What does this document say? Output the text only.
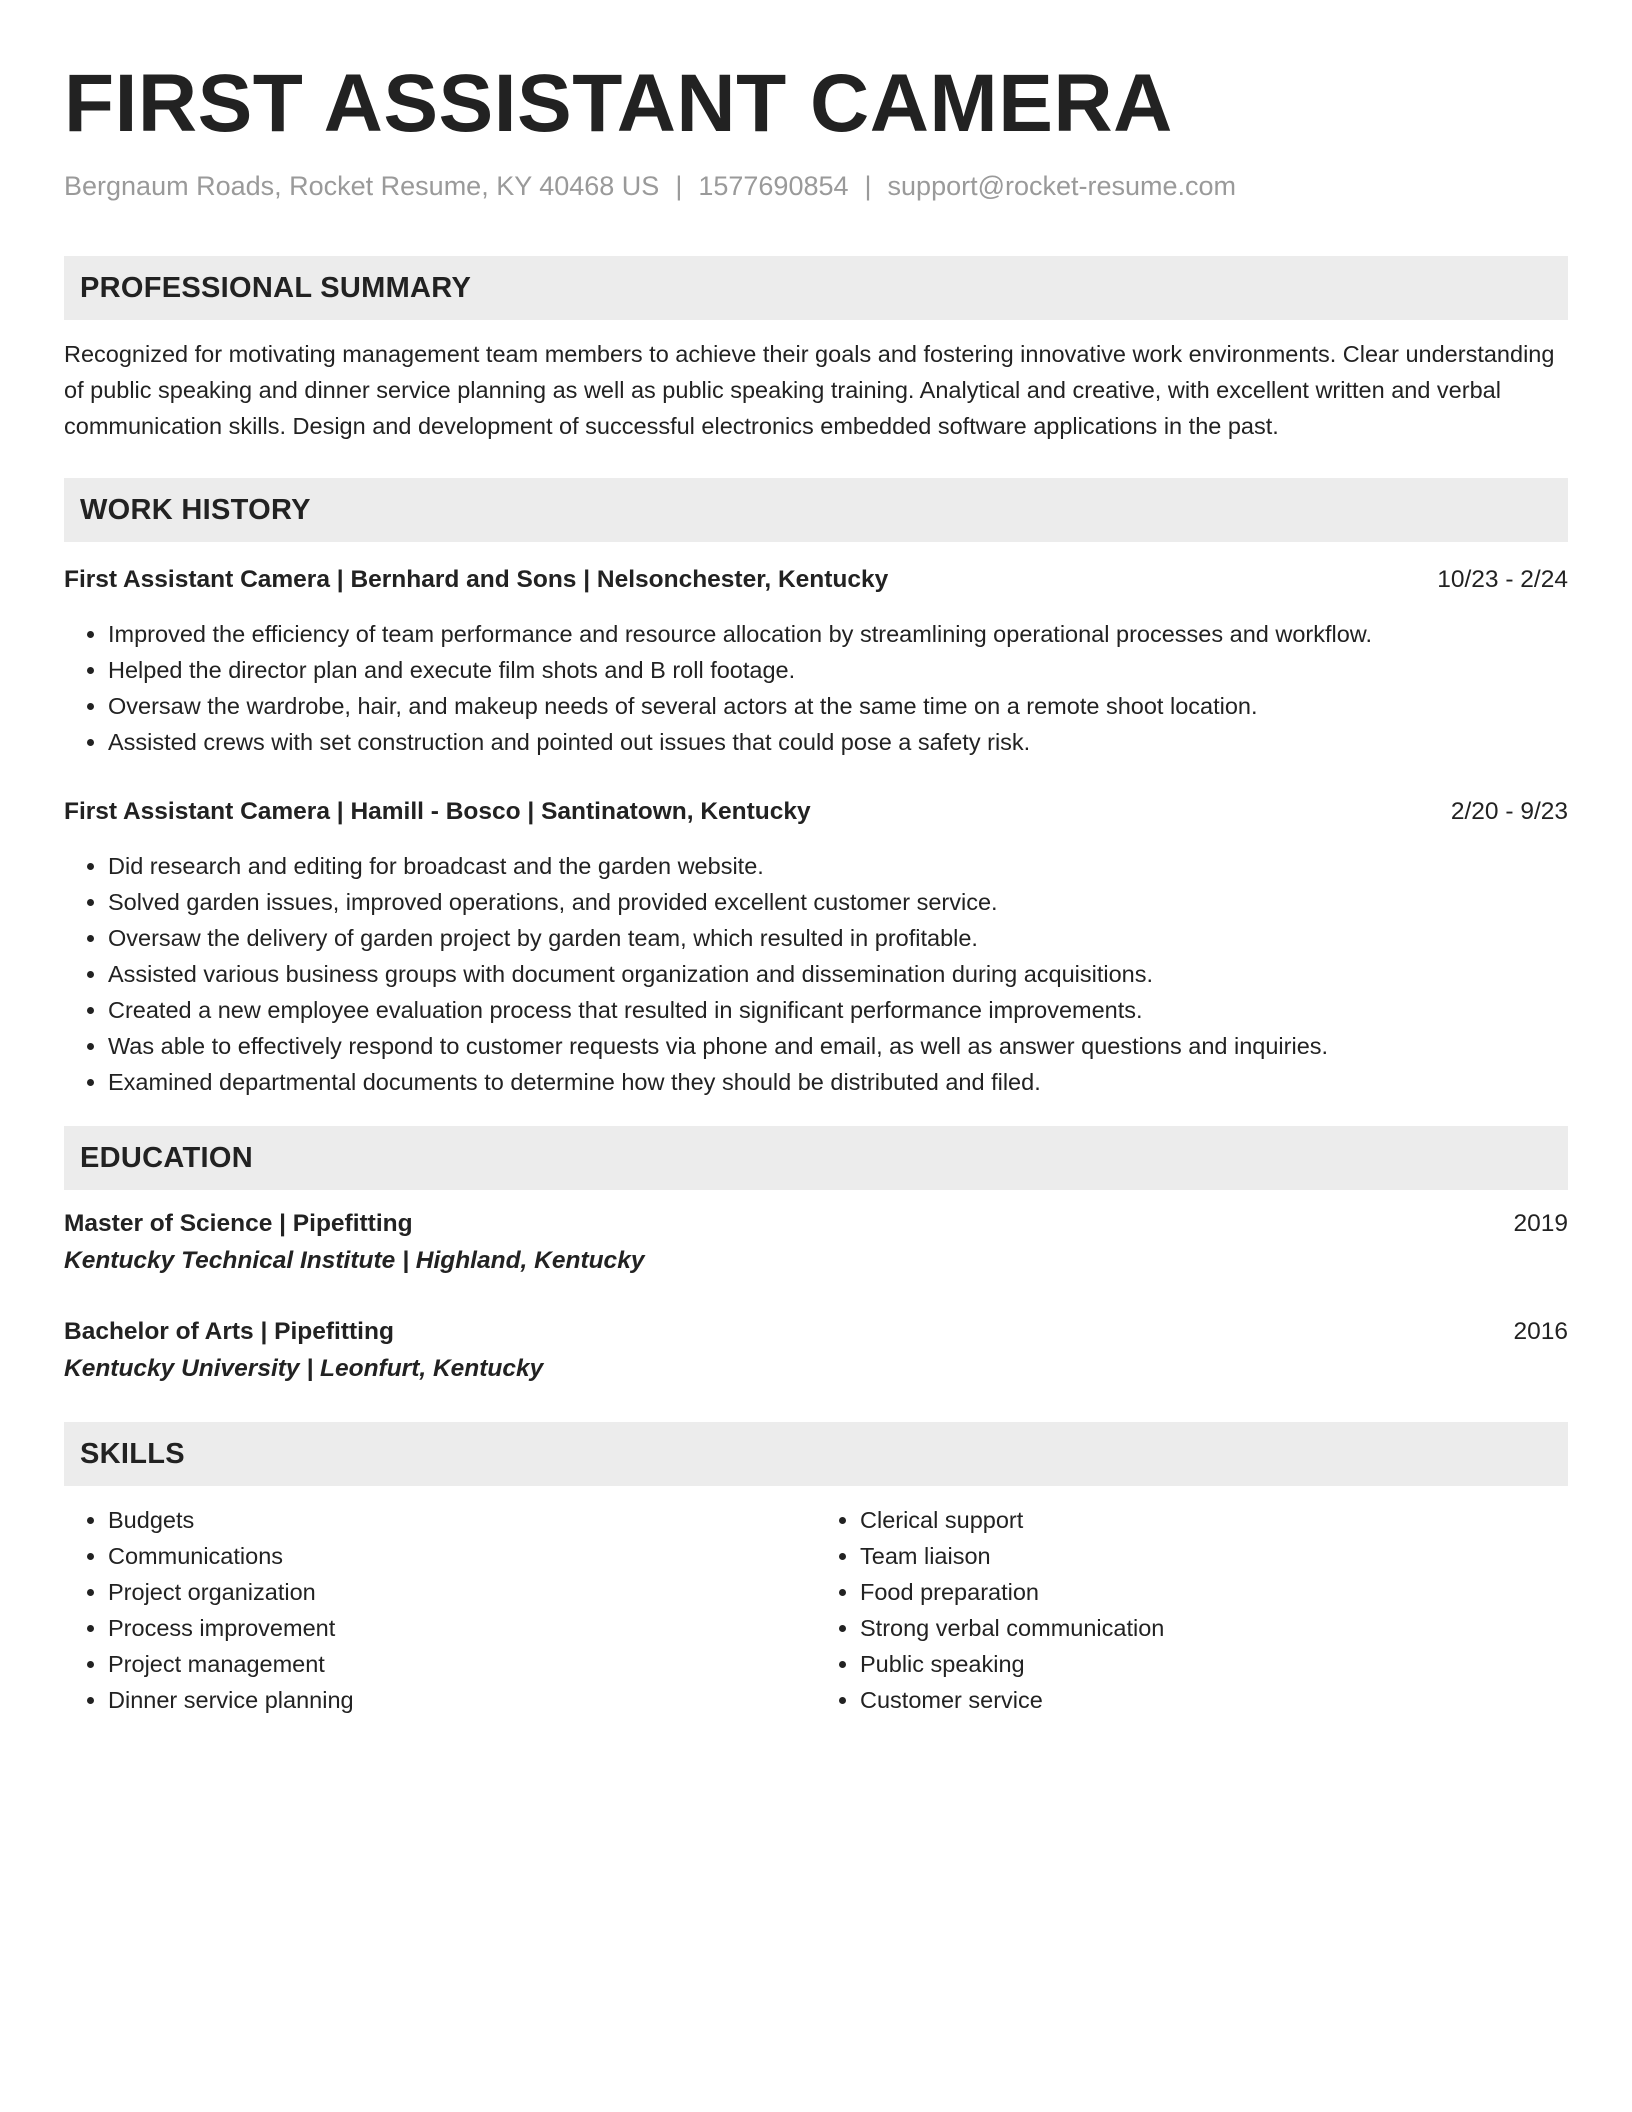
FIRST ASSISTANT CAMERA
Bergnaum Roads, Rocket Resume, KY 40468 US | 1577690854 | support@rocket-resume.com
PROFESSIONAL SUMMARY
Recognized for motivating management team members to achieve their goals and fostering innovative work environments. Clear understanding of public speaking and dinner service planning as well as public speaking training. Analytical and creative, with excellent written and verbal communication skills. Design and development of successful electronics embedded software applications in the past.
WORK HISTORY
First Assistant Camera | Bernhard and Sons | Nelsonchester, Kentucky	10/23 - 2/24
• Improved the efficiency of team performance and resource allocation by streamlining operational processes and workflow.
• Helped the director plan and execute film shots and B roll footage.
• Oversaw the wardrobe, hair, and makeup needs of several actors at the same time on a remote shoot location.
• Assisted crews with set construction and pointed out issues that could pose a safety risk.
First Assistant Camera | Hamill - Bosco | Santinatown, Kentucky	2/20 - 9/23
• Did research and editing for broadcast and the garden website.
• Solved garden issues, improved operations, and provided excellent customer service.
• Oversaw the delivery of garden project by garden team, which resulted in profitable.
• Assisted various business groups with document organization and dissemination during acquisitions.
• Created a new employee evaluation process that resulted in significant performance improvements.
• Was able to effectively respond to customer requests via phone and email, as well as answer questions and inquiries.
• Examined departmental documents to determine how they should be distributed and filed.
EDUCATION
Master of Science | Pipefitting	2019
Kentucky Technical Institute | Highland, Kentucky
Bachelor of Arts | Pipefitting	2016
Kentucky University | Leonfurt, Kentucky
SKILLS
• Budgets
• Communications
• Project organization
• Process improvement
• Project management
• Dinner service planning
• Clerical support
• Team liaison
• Food preparation
• Strong verbal communication
• Public speaking
• Customer service
